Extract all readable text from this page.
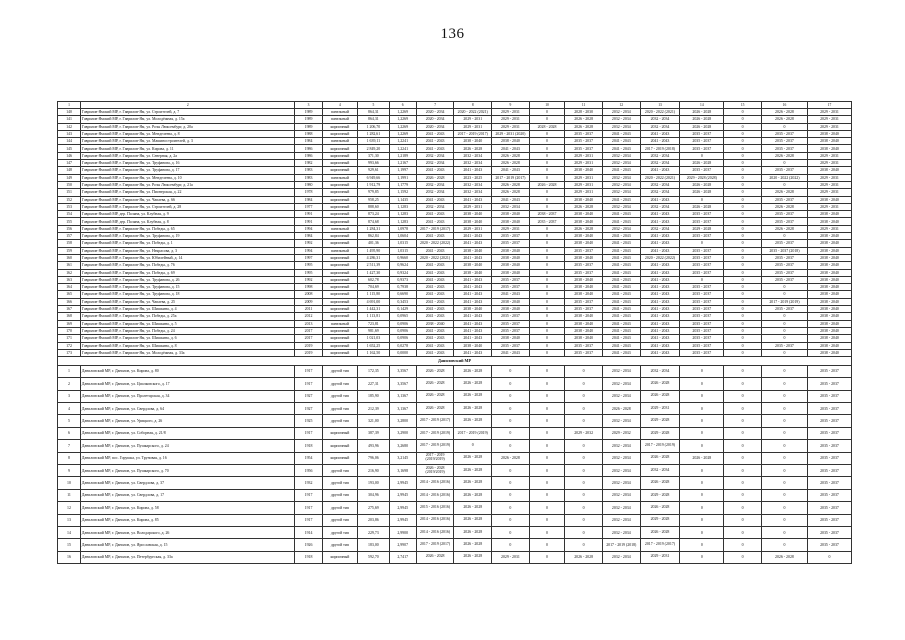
136
1	2	3	4	5	6	7	8	9	10	11	12	13	14	15	16	17
140	Гаврилов-Ямский МР, г. Гаврилов-Ям, ул. Строителей, д. 7	1989	панельный	864,31	1,2269	2020 - 2034	2020 - 2022 (2021)	2029 - 2031	0	2028 - 2030	2032 - 2034	2020 - 2022 (2021)	2026 - 2028	0	2026 - 2028	2029 - 2031
141	Гаврилов-Ямский МР, г. Гаврилов-Ям, ул. Молодёжная, д. 15а	1989	панельный	864,31	1,2269	2020 - 2034	2029 - 2031	2029 - 2031	0	2026 - 2028	2032 - 2034	2032 - 2034	2026 - 2028	0	2026 - 2028	2029 - 2031
142	Гаврилов-Ямский МР, г. Гаврилов-Ям, ул. Розы Люксембург, д. 20а	1989	кирпичный	1 206,70	1,2269	2020 - 2034	2029 - 2031	2029 - 2031	2028 - 2028	2026 - 2028	2032 - 2034	2032 - 2034	2026 - 2028	0	0	2029 - 2031
143	Гаврилов-Ямский МР, г. Гаврилов-Ям, ул. Менделеева, д. 8	1988	кирпичный	1 282,61	1,2269	2041 - 2043	2017 - 2019 (2017)	2029 - 2031 (2020)	0	2035 - 2037	2041 - 2043	2041 - 2043	2035 - 2037	0	2035 - 2037	2038 - 2040
144	Гаврилов-Ямский МР, г. Гаврилов-Ям, ул. Машиностроителей, д. 3	1984	панельный	1 639,11	1,2241	2041 - 2043	2038 - 2040	2038 - 2040	0	2035 - 2037	2041 - 2043	2041 - 2043	2035 - 2037	0	2035 - 2037	2038 - 2040
145	Гаврилов-Ямский МР, г. Гаврилов-Ям, ул. Кирова, д. 11	1986	кирпичный	2 849,20	1,2241	2041 - 2043	2026 - 2028	2041 - 2043	0	2035 - 2037	2041 - 2043	2017 - 2019 (2018)	2035 - 2037	0	2035 - 2037	2038 - 2040
146	Гаврилов-Ямский МР, г. Гаврилов-Ям, ул. Северная, д. 2а	1986	кирпичный	371,30	1,2189	2032 - 2034	2032 - 2034	2026 - 2028	0	2029 - 2031	2032 - 2034	2032 - 2034	0	0	2026 - 2028	2029 - 2031
147	Гаврилов-Ямский МР, г. Гаврилов-Ям, ул. Труфанова, д. 16	1982	кирпичный	993,66	1,2167	2032 - 2034	2032 - 2034	2026 - 2028	0	2029 - 2031	2032 - 2034	2032 - 2034	2026 - 2028	0	0	2029 - 2031
148	Гаврилов-Ямский МР, г. Гаврилов-Ям, ул. Труфанова, д. 17	1983	кирпичный	929,61	1,1997	2041 - 2043	2041 - 2043	2041 - 2043	0	2038 - 2040	2041 - 2043	2041 - 2043	2035 - 2037	0	2035 - 2037	2038 - 2040
149	Гаврилов-Ямский МР, г. Гаврилов-Ям, ул. Менделеева, д. 10	1983	панельный	6 949,66	1,1991	2026 - 2028	2023 - 2025	2017 - 2019 (2017)	0	2029 - 2031	2032 - 2034	2020 - 2022 (2021)	2029 - 2028 (2028)	0	2020 - 2022 (2022)	2029 - 2031
150	Гаврилов-Ямский МР, г. Гаврилов-Ям, ул. Розы Люксембург, д. 21а	1980	кирпичный	1 912,79	1,1779	2032 - 2034	2032 - 2034	2026 - 2028	2026 - 2028	2029 - 2031	2032 - 2034	2032 - 2034	2026 - 2028	0	0	2029 - 2031
151	Гаврилов-Ямский МР, г. Гаврилов-Ям, ул. Пионерская, д. 22	1978	кирпичный	979,85	1,1592	2032 - 2034	2032 - 2034	2026 - 2028	0	2029 - 2031	2032 - 2034	2032 - 2034	2026 - 2028	0	2026 - 2028	2029 - 2031
152	Гаврилов-Ямский МР, г. Гаврилов-Ям, ул. Чапаева, д. 66	1984	кирпичный	958,25	1,1435	2041 - 2043	2041 - 2043	2041 - 2043	0	2038 - 2040	2041 - 2043	2041 - 2043	0	0	2035 - 2037	2038 - 2040
153	Гаврилов-Ямский МР, г. Гаврилов-Ям, ул. Строителей, д. 28	1977	кирпичный	888,60	1,1283	2032 - 2034	2029 - 2031	2032 - 2034	0	2026 - 2028	2032 - 2034	2032 - 2034	2026 - 2028	0	2026 - 2028	2029 - 2031
154	Гаврилов-Ямский МР, дер. Поляна, ул. Клубная, д. 9	1991	кирпичный	873,24	1,1283	2041 - 2043	2038 - 2040	2038 - 2040	2038 - 2037	2038 - 2040	2041 - 2043	2041 - 2043	2035 - 2037	0	2035 - 2037	2038 - 2040
155	Гаврилов-Ямский МР, дер. Поляна, ул. Клубная, д. 8	1991	кирпичный	874,68	1,1283	2041 - 2043	2038 - 2040	2038 - 2040	2035 - 2037	2038 - 2040	2041 - 2043	2041 - 2043	2035 - 2037	0	2035 - 2037	2038 - 2040
156	Гаврилов-Ямский МР, г. Гаврилов-Ям, ул. Победы, д. 65	1994	панельный	1 284,31	1,0978	2017 - 2019 (2017)	2029 - 2031	2029 - 2031	0	2026 - 2028	2032 - 2034	2032 - 2034	2029 - 2028	0	2026 - 2028	2029 - 2031
157	Гаврилов-Ямский МР, г. Гаврилов-Ям, ул. Труфанова, д. 19	1984	кирпичный	862,84	1,0604	2041 - 2043	2041 - 2043	2035 - 2037	0	2038 - 2040	2041 - 2043	2041 - 2043	2035 - 2037	0	0	2038 - 2040
158	Гаврилов-Ямский МР, г. Гаврилов-Ям, ул. Победы, д. 1	1992	кирпичный	401,36	1,0315	2020 - 2022 (2022)	2041 - 2043	2035 - 2037	0	2038 - 2040	2041 - 2043	2041 - 2043	0	0	2035 - 2037	2038 - 2040
159	Гаврилов-Ямский МР, г. Гаврилов-Ям, ул. Некрасова, д. 3	1994	панельный	1 495,90	1,0315	2041 - 2043	2038 - 2040	2038 - 2040	0	2035 - 2037	2041 - 2043	2041 - 2043	2035 - 2037	0	2035 - 2037 (2018)	2038 - 2040
160	Гаврилов-Ямский МР, г. Гаврилов-Ям, ул. Юбилейный, д. 14	1997	кирпичный	4 286,31	0,9660	2020 - 2022 (2021)	2041 - 2043	2038 - 2040	0	2038 - 2040	2041 - 2043	2020 - 2022 (2022)	2035 - 2037	0	2035 - 2037	2038 - 2040
161	Гаврилов-Ямский МР, г. Гаврилов-Ям, ул. Победы, д. 76	1995	кирпичный	2 511,39	0,9624	2041 - 2043	2038 - 2040	2038 - 2040	0	2035 - 2037	2041 - 2043	2041 - 2043	2035 - 2037	0	2035 - 2037	2038 - 2040
162	Гаврилов-Ямский МР, г. Гаврилов-Ям, ул. Победы, д. 69	1995	кирпичный	1 427,30	0,9324	2041 - 2043	2038 - 2040	2038 - 2040	0	2035 - 2037	2041 - 2043	2041 - 2043	2035 - 2037	0	2035 - 2037	2038 - 2040
163	Гаврилов-Ямский МР, г. Гаврилов-Ям, ул. Труфанова, д. 26	1992	кирпичный	602,78	0,9373	2041 - 2043	2041 - 2043	2035 - 2037	0	2038 - 2040	2041 - 2043	2041 - 2043	0	0	2035 - 2037	2038 - 2040
164	Гаврилов-Ямский МР, г. Гаврилов-Ям, ул. Труфанова, д. 15	1998	кирпичный	704,69	0,7938	2041 - 2043	2041 - 2043	2035 - 2037	0	2038 - 2040	2041 - 2043	2041 - 2043	2035 - 2037	0	0	2038 - 2040
165	Гаврилов-Ямский МР, г. Гаврилов-Ям, ул. Труфанова, д. 18	2008	кирпичный	1 115,80	0,6690	2041 - 2043	2041 - 2043	2041 - 2043	0	2038 - 2040	2041 - 2043	2041 - 2043	2035 - 2037	0	0	2038 - 2040
166	Гаврилов-Ямский МР, г. Гаврилов-Ям, ул. Чапаева, д. 25	2009	кирпичный	4 691,00	0,3453	2041 - 2043	2041 - 2043	2038 - 2040	0	2035 - 2037	2041 - 2043	2041 - 2043	2035 - 2037	0	2017 - 2019 (2019)	2038 - 2040
167	Гаврилов-Ямский МР, г. Гаврилов-Ям, ул. Шишкина, д. 4	2011	кирпичный	1 442,31	0,1429	2041 - 2043	2038 - 2040	2038 - 2040	0	2035 - 2037	2041 - 2043	2041 - 2043	2035 - 2037	0	2035 - 2037	2038 - 2040
168	Гаврилов-Ямский МР, г. Гаврилов-Ям, ул. Победы, д. 25а	2012	кирпичный	1 113,81	0,0965	2041 - 2043	2041 - 2043	2035 - 2037	0	2038 - 2040	2041 - 2043	2041 - 2043	2035 - 2037	0	0	2038 - 2040
169	Гаврилов-Ямский МР, г. Гаврилов-Ям, ул. Шишкина, д. 5	2013	панельный	723,81	0,0906	2038 - 2040	2041 - 2043	2035 - 2037	0	2038 - 2040	2041 - 2043	2041 - 2043	2035 - 2037	0	0	2038 - 2040
170	Гаврилов-Ямский МР, г. Гаврилов-Ям, ул. Победы, д. 24	2017	кирпичный	981,69	0,0906	2041 - 2043	2041 - 2043	2035 - 2037	0	2038 - 2040	2041 - 2043	2041 - 2043	2035 - 2037	0	0	2038 - 2040
171	Гаврилов-Ямский МР, г. Гаврилов-Ям, ул. Шишкина, д. 6	2017	кирпичный	1 021,03	0,0906	2041 - 2043	2041 - 2043	2038 - 2040	0	2038 - 2040	2041 - 2043	2041 - 2043	2035 - 2037	0	0	2038 - 2040
172	Гаврилов-Ямский МР, г. Гаврилов-Ям, ул. Шишкина, д. 8	2019	кирпичный	1 652,25	0,0278	2041 - 2043	2038 - 2040	2035 - 2037	0	2035 - 2037	2041 - 2043	2041 - 2043	2035 - 2037	0	2035 - 2037	2038 - 2040
173	Гаврилов-Ямский МР, г. Гаврилов-Ям, ул. Молодёжная, д. 33а	2019	кирпичный	1 162,50	0,0000	2041 - 2043	2041 - 2043	2041 - 2043	0	2035 - 2037	2041 - 2043	2041 - 2043	2035 - 2037	0	0	2038 - 2040
Даниловский МР																
1	Даниловский МР, г. Данилов, ул. Кирова, д. 80	1917	другой тип	172,35	3,3567	2026 - 2028	2026 - 2028	0	0	0	2032 - 2034	2032 - 2034	0	0	0	2035 - 2037
2	Даниловский МР, г. Данилов, ул. Циолковского, д. 17	1917	другой тип	227,31	3,3567	2026 - 2028	2026 - 2028	0	0	0	2032 - 2034	2026 - 2028	0	0	0	2035 - 2037
3	Даниловский МР, г. Данилов, ул. Пролетарская, д. 34	1927	другой тип	185,90	3,1367	2026 - 2028	2026 - 2028	0	0	0	2032 - 2034	2026 - 2028	0	0	0	2035 - 2037
4	Даниловский МР, г. Данилов, ул. Свердлова, д. 64	1927	другой тип	212,39	3,1367	2026 - 2028	2026 - 2028	0	0	0	2026 - 2028	2029 - 2031	0	0	0	2035 - 2037
5	Даниловский МР, г. Данилов, ул. Урицкого, д. 26	1925	другой тип	321,00	3,2800	2017 - 2019 (2017)	2026 - 2028	0	0	0	2032 - 2034	2029 - 2028	0	0	0	2035 - 2037
6	Даниловский МР, г. Данилов, ул. Соборная, д. 21/8	1917	кирпичный	387,39	3,2900	2017 - 2019 (2019)	2017 - 2019 (2019)	0	0	2029 - 2032	2029 - 2032	2029 - 2028	0	0	0	2035 - 2037
7	Даниловский МР, г. Данилов, ул. Пушкарского, д. 24	1918	кирпичный	493,96	3,2680	2017 - 2019 (2019)	0	0	0	0	2032 - 2034	2017 - 2019 (2019)	0	0	0	2035 - 2037
8	Даниловский МР, пос. Горушка, ул. Труновая, д. 16	1954	кирпичный	796,06	3,2145	2017 - 2019 (2019/2019)	2026 - 2028	2026 - 2028	0	0	2032 - 2034	2026 - 2028	2026 - 2028	0	0	2035 - 2037
9	Даниловский МР, г. Данилов, ул. Пушкарского, д. 70	1956	другой тип	216,90	3,1698	2026 - 2028 (2019/2019)	2026 - 2028	0	0	0	2032 - 2034	2032 - 2034	0	0	0	2035 - 2037
10	Даниловский МР, г. Данилов, ул. Свердлова, д. 37	1932	другой тип	193,00	2,9945	2014 - 2016 (2016)	2026 - 2028	0	0	0	2032 - 2034	2026 - 2028	0	0	0	2035 - 2037
11	Даниловский МР, г. Данилов, ул. Свердлова, д. 17	1917	другой тип	304,96	2,9945	2014 - 2016 (2016)	2026 - 2028	0	0	0	2032 - 2034	2029 - 2028	0	0	0	2035 - 2037
12	Даниловский МР, г. Данилов, ул. Кирова, д. 58	1917	другой тип	275,69	2,9945	2015 - 2016 (2016)	2026 - 2028	0	0	0	2032 - 2034	2026 - 2028	0	0	0	2035 - 2037
13	Даниловский МР, г. Данилов, ул. Кирова, д. 85	1917	другой тип	203,86	2,9945	2014 - 2016 (2016)	2026 - 2028	0	0	0	2032 - 2034	2029 - 2028	0	0	0	2035 - 2037
14	Даниловский МР, г. Данилов, ул. Володарского, д. 26	1914	другой тип	229,73	2,9900	2014 - 2016 (2016)	2026 - 2028	0	0	0	2032 - 2034	2026 - 2028	0	0	0	2035 - 2037
15	Даниловский МР, г. Данилов, ул. Ярославская, д. 15	1926	другой тип	183,00	2,9907	2017 - 2019 (2017)	2026 - 2028	0	0	0	2017 - 2019 (2018)	2017 - 2019 (2017)	0	0	0	2035 - 2037
16	Даниловский МР, г. Данилов, ул. Петербургская, д. 33а	1918	кирпичный	592,70	2,7417	2026 - 2028	2026 - 2028	2029 - 2031	0	2026 - 2028	2032 - 2034	2029 - 2031	0	0	2026 - 2028	0
